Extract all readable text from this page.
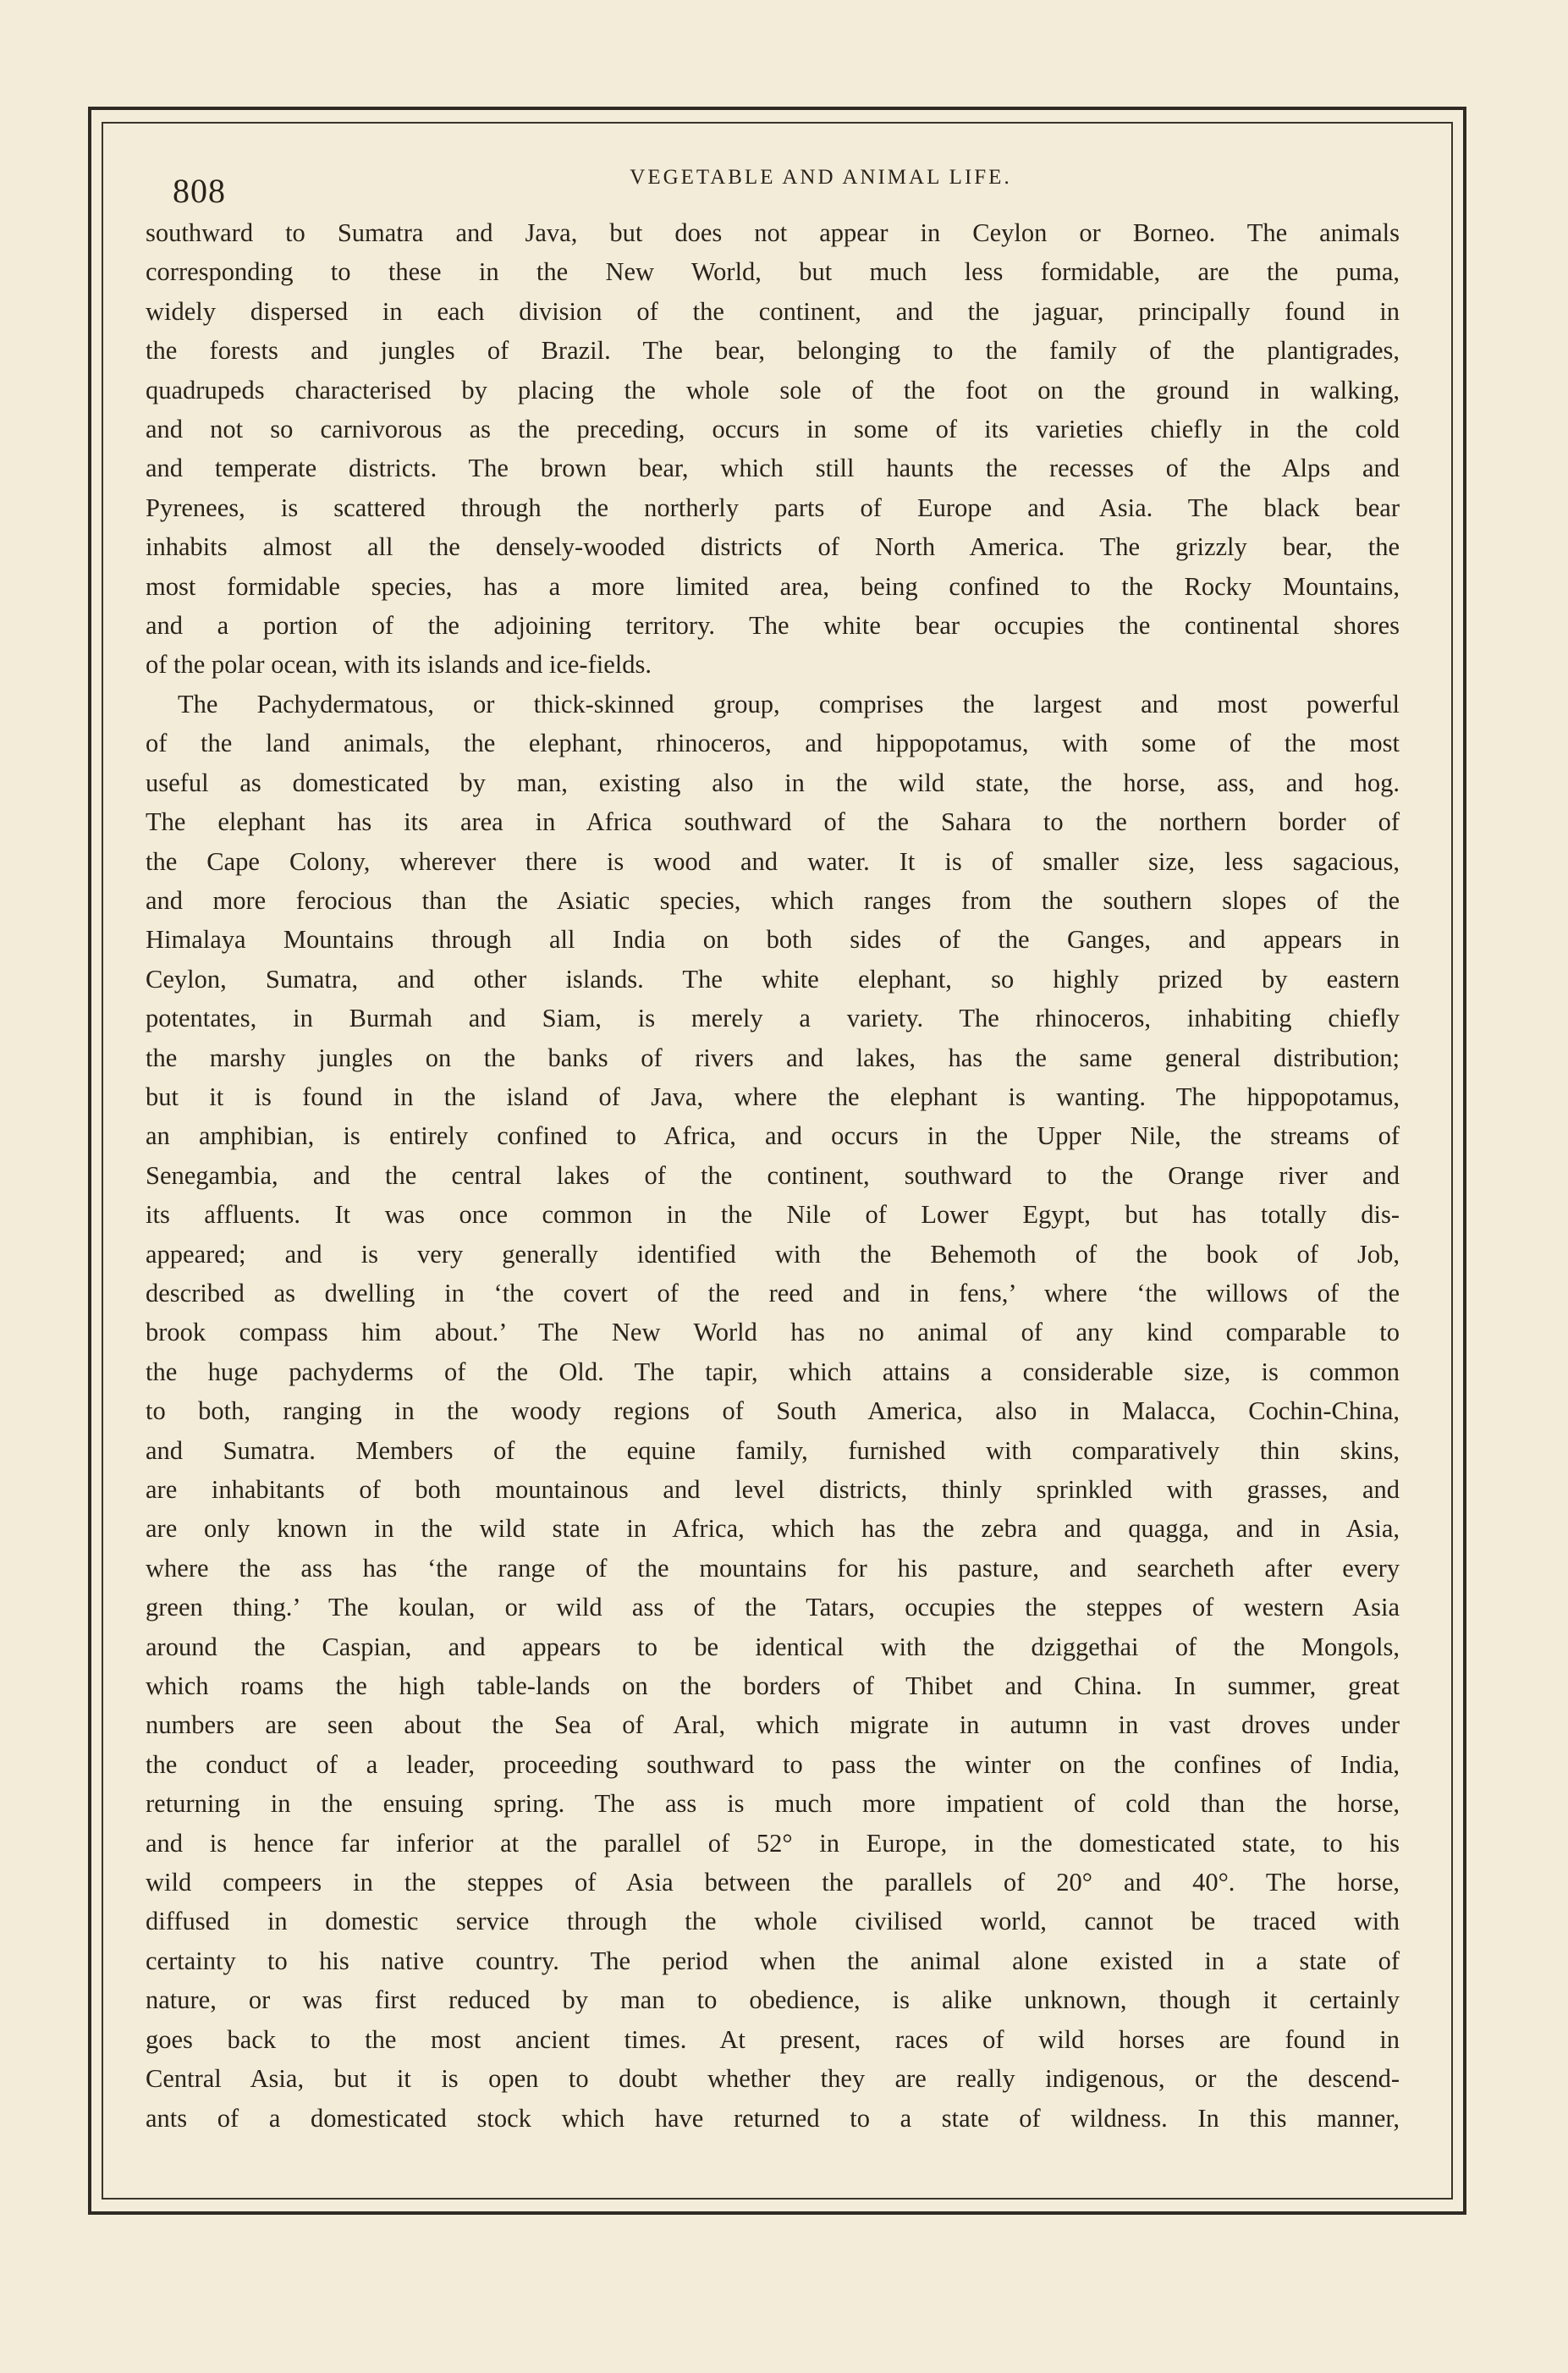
808	VEGETABLE AND ANIMAL LIFE.
southward to Sumatra and Java, but does not appear in Ceylon or Borneo. The animals
corresponding to these in the New World, but much less formidable, are the puma,
widely dispersed in each division of the continent, and the jaguar, principally found in
the forests and jungles of Brazil. The bear, belonging to the family of the plantigrades,
quadrupeds characterised by placing the whole sole of the foot on the ground in walking,
and not so carnivorous as the preceding, occurs in some of its varieties chiefly in the cold
and temperate districts. The brown bear, which still haunts the recesses of the Alps and
Pyrenees, is scattered through the northerly parts of Europe and Asia. The black bear
inhabits almost all the densely-wooded districts of North America. The grizzly bear, the
most formidable species, has a more limited area, being confined to the Rocky Mountains,
and a portion of the adjoining territory. The white bear occupies the continental shores
of the polar ocean, with its islands and ice-fields.
The Pachydermatous, or thick-skinned group, comprises the largest and most powerful
of the land animals, the elephant, rhinoceros, and hippopotamus, with some of the most
useful as domesticated by man, existing also in the wild state, the horse, ass, and hog.
The elephant has its area in Africa southward of the Sahara to the northern border of
the Cape Colony, wherever there is wood and water. It is of smaller size, less sagacious,
and more ferocious than the Asiatic species, which ranges from the southern slopes of the
Himalaya Mountains through all India on both sides of the Ganges, and appears in
Ceylon, Sumatra, and other islands. The white elephant, so highly prized by eastern
potentates, in Burmah and Siam, is merely a variety. The rhinoceros, inhabiting chiefly
the marshy jungles on the banks of rivers and lakes, has the same general distribution;
but it is found in the island of Java, where the elephant is wanting. The hippopotamus,
an amphibian, is entirely confined to Africa, and occurs in the Upper Nile, the streams of
Senegambia, and the central lakes of the continent, southward to the Orange river and
its affluents. It was once common in the Nile of Lower Egypt, but has totally dis-
appeared; and is very generally identified with the Behemoth of the book of Job,
described as dwelling in ‘the covert of the reed and in fens,’ where ‘the willows of the
brook compass him about.’ The New World has no animal of any kind comparable to
the huge pachyderms of the Old. The tapir, which attains a considerable size, is common
to both, ranging in the woody regions of South America, also in Malacca, Cochin-China,
and Sumatra. Members of the equine family, furnished with comparatively thin skins,
are inhabitants of both mountainous and level districts, thinly sprinkled with grasses, and
are only known in the wild state in Africa, which has the zebra and quagga, and in Asia,
where the ass has ‘the range of the mountains for his pasture, and searcheth after every
green thing.’ The koulan, or wild ass of the Tatars, occupies the steppes of western Asia
around the Caspian, and appears to be identical with the dziggethai of the Mongols,
which roams the high table-lands on the borders of Thibet and China. In summer, great
numbers are seen about the Sea of Aral, which migrate in autumn in vast droves under
the conduct of a leader, proceeding southward to pass the winter on the confines of India,
returning in the ensuing spring. The ass is much more impatient of cold than the horse,
and is hence far inferior at the parallel of 52° in Europe, in the domesticated state, to his
wild compeers in the steppes of Asia between the parallels of 20° and 40°. The horse,
diffused in domestic service through the whole civilised world, cannot be traced with
certainty to his native country. The period when the animal alone existed in a state of
nature, or was first reduced by man to obedience, is alike unknown, though it certainly
goes back to the most ancient times. At present, races of wild horses are found in
Central Asia, but it is open to doubt whether they are really indigenous, or the descend-
ants of a domesticated stock which have returned to a state of wildness. In this manner,
